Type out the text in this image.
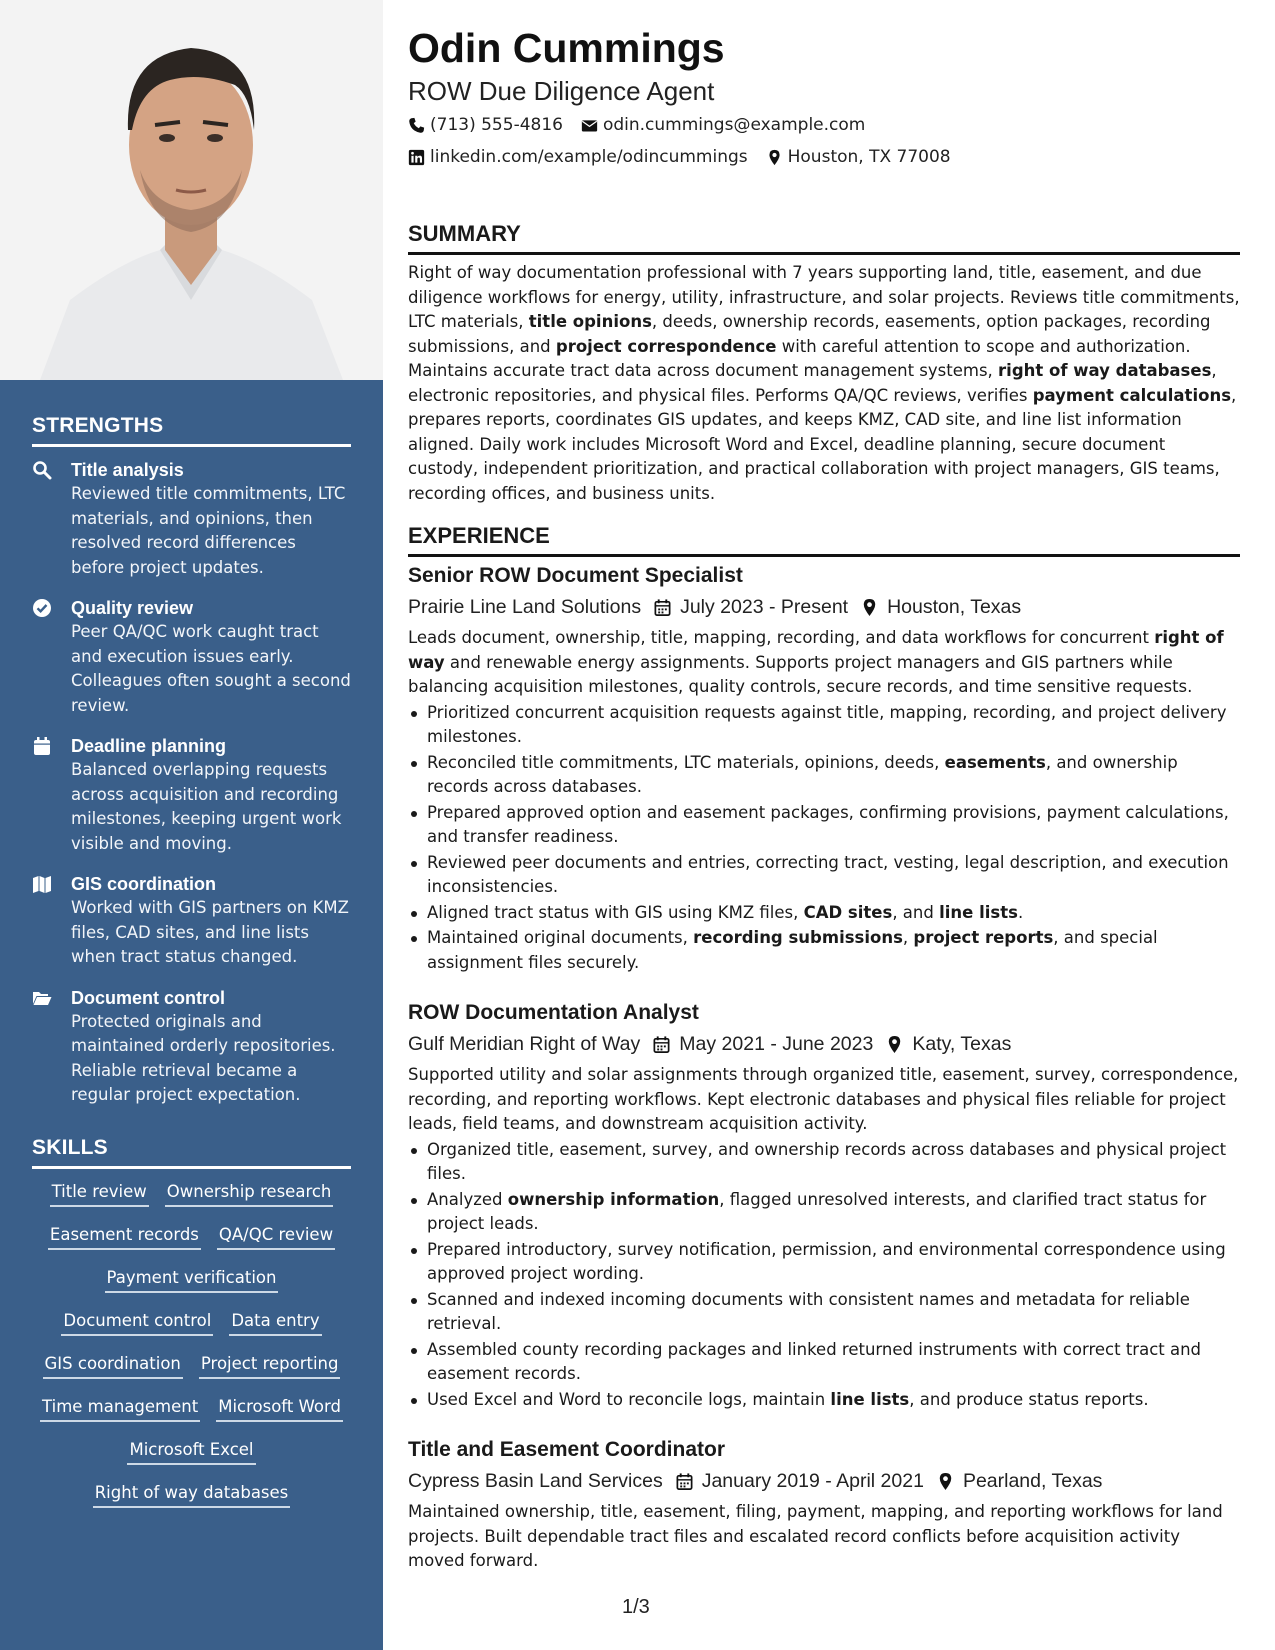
STRENGTHS
Title analysis
Reviewed title commitments, LTC materials, and opinions, then resolved record differences before project updates.
Quality review
Peer QA/QC work caught tract and execution issues early. Colleagues often sought a second review.
Deadline planning
Balanced overlapping requests across acquisition and recording milestones, keeping urgent work visible and moving.
GIS coordination
Worked with GIS partners on KMZ files, CAD sites, and line lists when tract status changed.
Document control
Protected originals and maintained orderly repositories. Reliable retrieval became a regular project expectation.
SKILLS
Title review Ownership research
Easement records QA/QC review
Payment verification
Document control Data entry
GIS coordination Project reporting
Time management Microsoft Word
Microsoft Excel
Right of way databases
Odin Cummings
ROW Due Diligence Agent
(713) 555-4816 odin.cummings@example.com
linkedin.com/example/odincummings Houston, TX 77008
SUMMARY
Right of way documentation professional with 7 years supporting land, title, easement, and due diligence workflows for energy, utility, infrastructure, and solar projects. Reviews title commitments, LTC materials, title opinions, deeds, ownership records, easements, option packages, recording submissions, and project correspondence with careful attention to scope and authorization. Maintains accurate tract data across document management systems, right of way databases, electronic repositories, and physical files. Performs QA/QC reviews, verifies payment calculations, prepares reports, coordinates GIS updates, and keeps KMZ, CAD site, and line list information aligned. Daily work includes Microsoft Word and Excel, deadline planning, secure document custody, independent prioritization, and practical collaboration with project managers, GIS teams, recording offices, and business units.
EXPERIENCE
Senior ROW Document Specialist
Prairie Line Land Solutions July 2023 - Present Houston, Texas
Leads document, ownership, title, mapping, recording, and data workflows for concurrent right of way and renewable energy assignments. Supports project managers and GIS partners while balancing acquisition milestones, quality controls, secure records, and time sensitive requests.
Prioritized concurrent acquisition requests against title, mapping, recording, and project delivery milestones.
Reconciled title commitments, LTC materials, opinions, deeds, easements, and ownership records across databases.
Prepared approved option and easement packages, confirming provisions, payment calculations, and transfer readiness.
Reviewed peer documents and entries, correcting tract, vesting, legal description, and execution inconsistencies.
Aligned tract status with GIS using KMZ files, CAD sites, and line lists.
Maintained original documents, recording submissions, project reports, and special assignment files securely.
ROW Documentation Analyst
Gulf Meridian Right of Way May 2021 - June 2023 Katy, Texas
Supported utility and solar assignments through organized title, easement, survey, correspondence, recording, and reporting workflows. Kept electronic databases and physical files reliable for project leads, field teams, and downstream acquisition activity.
Organized title, easement, survey, and ownership records across databases and physical project files.
Analyzed ownership information, flagged unresolved interests, and clarified tract status for project leads.
Prepared introductory, survey notification, permission, and environmental correspondence using approved project wording.
Scanned and indexed incoming documents with consistent names and metadata for reliable retrieval.
Assembled county recording packages and linked returned instruments with correct tract and easement records.
Used Excel and Word to reconcile logs, maintain line lists, and produce status reports.
Title and Easement Coordinator
Cypress Basin Land Services January 2019 - April 2021 Pearland, Texas
Maintained ownership, title, easement, filing, payment, mapping, and reporting workflows for land projects. Built dependable tract files and escalated record conflicts before acquisition activity moved forward.
1/3
